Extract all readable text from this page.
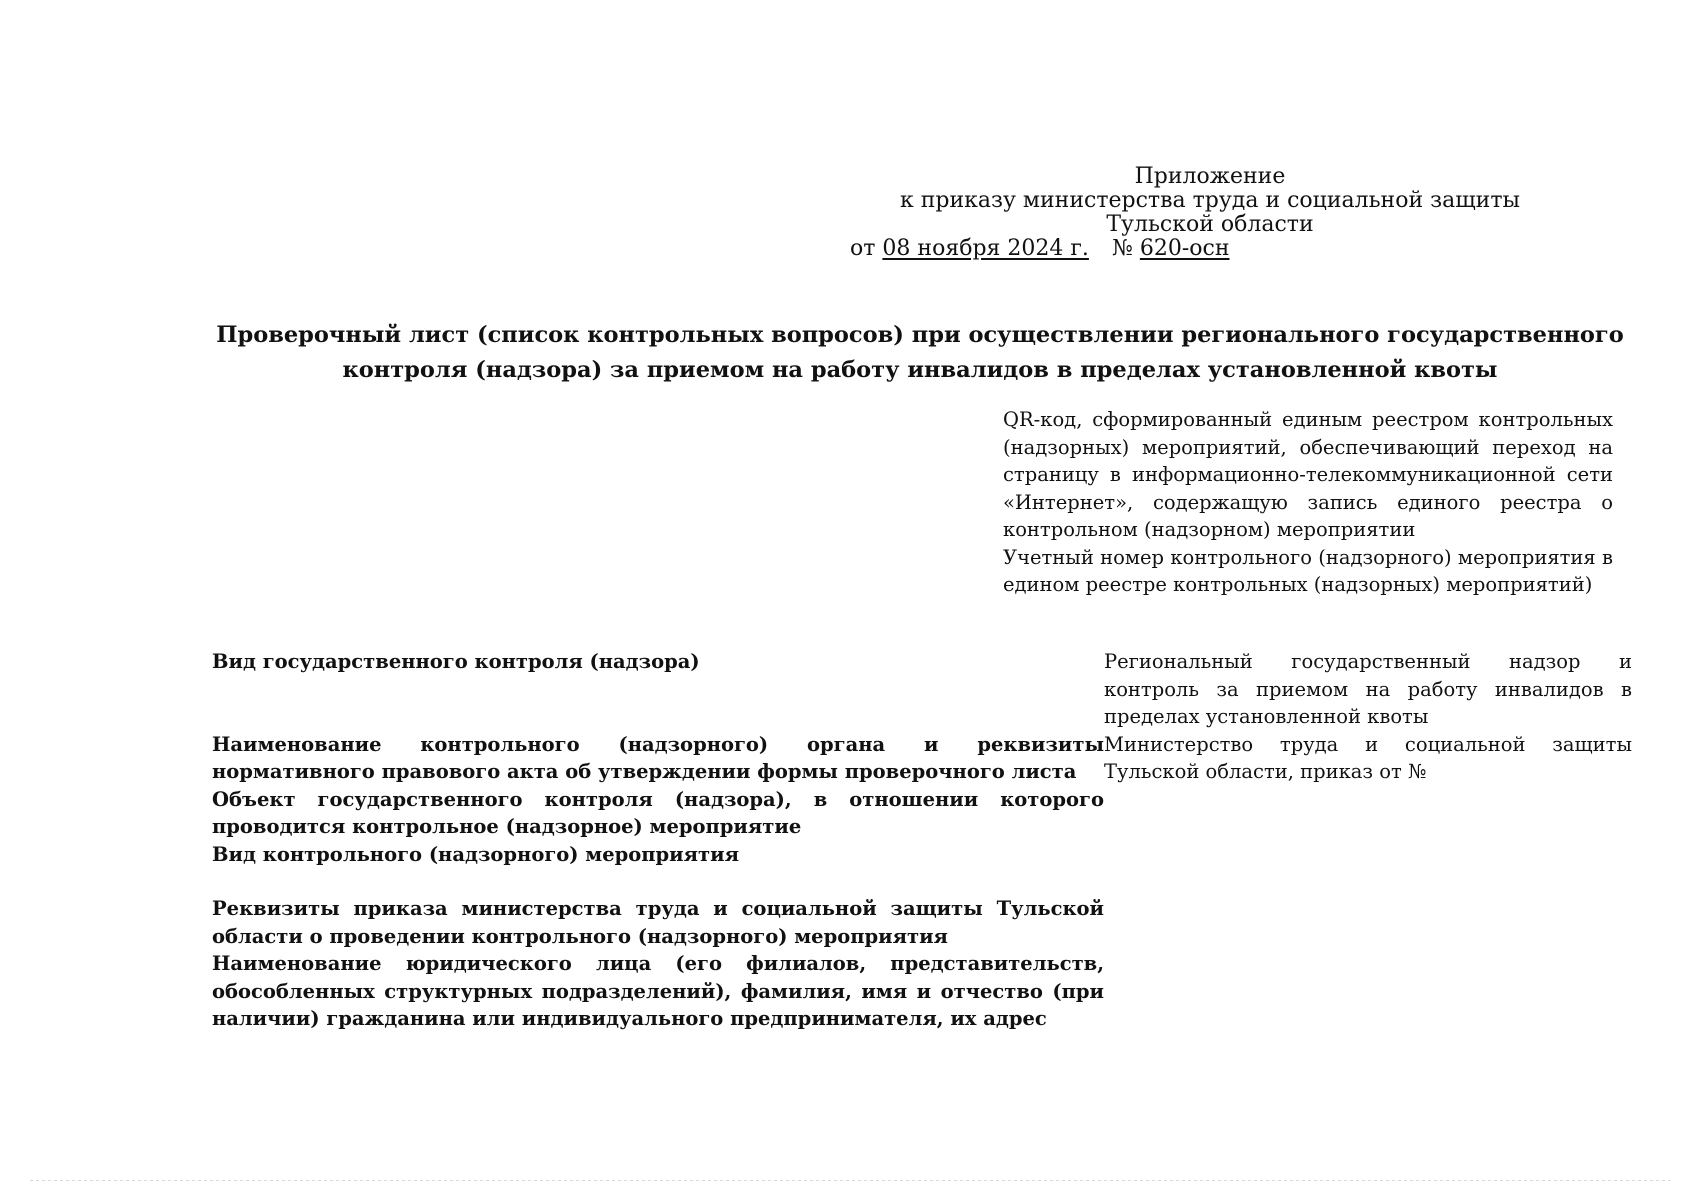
Приложение
к приказу министерства труда и социальной защиты
Тульской области
от 08 ноября 2024 г. № 620-осн
Проверочный лист (список контрольных вопросов) при осуществлении регионального государственного
контроля (надзора) за приемом на работу инвалидов в пределах установленной квоты

QR-код, сформированный единым реестром контрольных (надзорных) мероприятий, обеспечивающий переход на страницу в информационно-телекоммуникационной сети «Интернет», содержащую запись единого реестра о контрольном (надзорном) мероприятии

Учетный номер контрольного (надзорного) мероприятия в едином реестре контрольных (надзорных) мероприятий)

Вид государственного контроля (надзора)	Региональный государственный надзор и контроль за приемом на работу инвалидов в пределах установленной квоты
Наименование контрольного (надзорного) органа и реквизиты нормативного правового акта об утверждении формы проверочного листа
Министерство труда и социальной защиты Тульской области, приказ от №
Объект государственного контроля (надзора), в отношении которого проводится контрольное (надзорное) мероприятие
Вид контрольного (надзорного) мероприятия
Реквизиты приказа министерства труда и социальной защиты Тульской области о проведении контрольного (надзорного) мероприятия
Наименование юридического лица (его филиалов, представительств, обособленных структурных подразделений), фамилия, имя и отчество (при наличии) гражданина или индивидуального предпринимателя, их адрес
